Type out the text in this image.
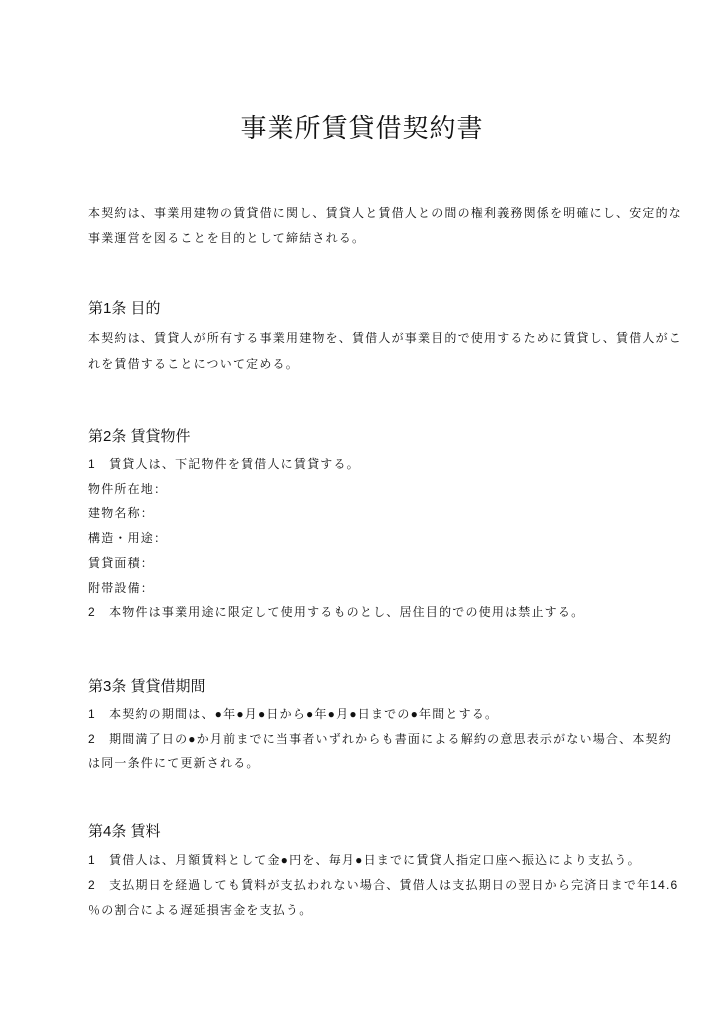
事業所賃貸借契約書
本契約は、事業用建物の賃貸借に関し、賃貸人と賃借人との間の権利義務関係を明確にし、安定的な
事業運営を図ることを目的として締結される。
第1条 目的
本契約は、賃貸人が所有する事業用建物を、賃借人が事業目的で使用するために賃貸し、賃借人がこ
れを賃借することについて定める。
第2条 賃貸物件
1　賃貸人は、下記物件を賃借人に賃貸する。
物件所在地：
建物名称：
構造・用途：
賃貸面積：
附帯設備：
2　本物件は事業用途に限定して使用するものとし、居住目的での使用は禁止する。
第3条 賃貸借期間
1　本契約の期間は、●年●月●日から●年●月●日までの●年間とする。
2　期間満了日の●か月前までに当事者いずれからも書面による解約の意思表示がない場合、本契約
は同一条件にて更新される。
第4条 賃料
1　賃借人は、月額賃料として金●円を、毎月●日までに賃貸人指定口座へ振込により支払う。
2　支払期日を経過しても賃料が支払われない場合、賃借人は支払期日の翌日から完済日まで年14.6
％の割合による遅延損害金を支払う。
